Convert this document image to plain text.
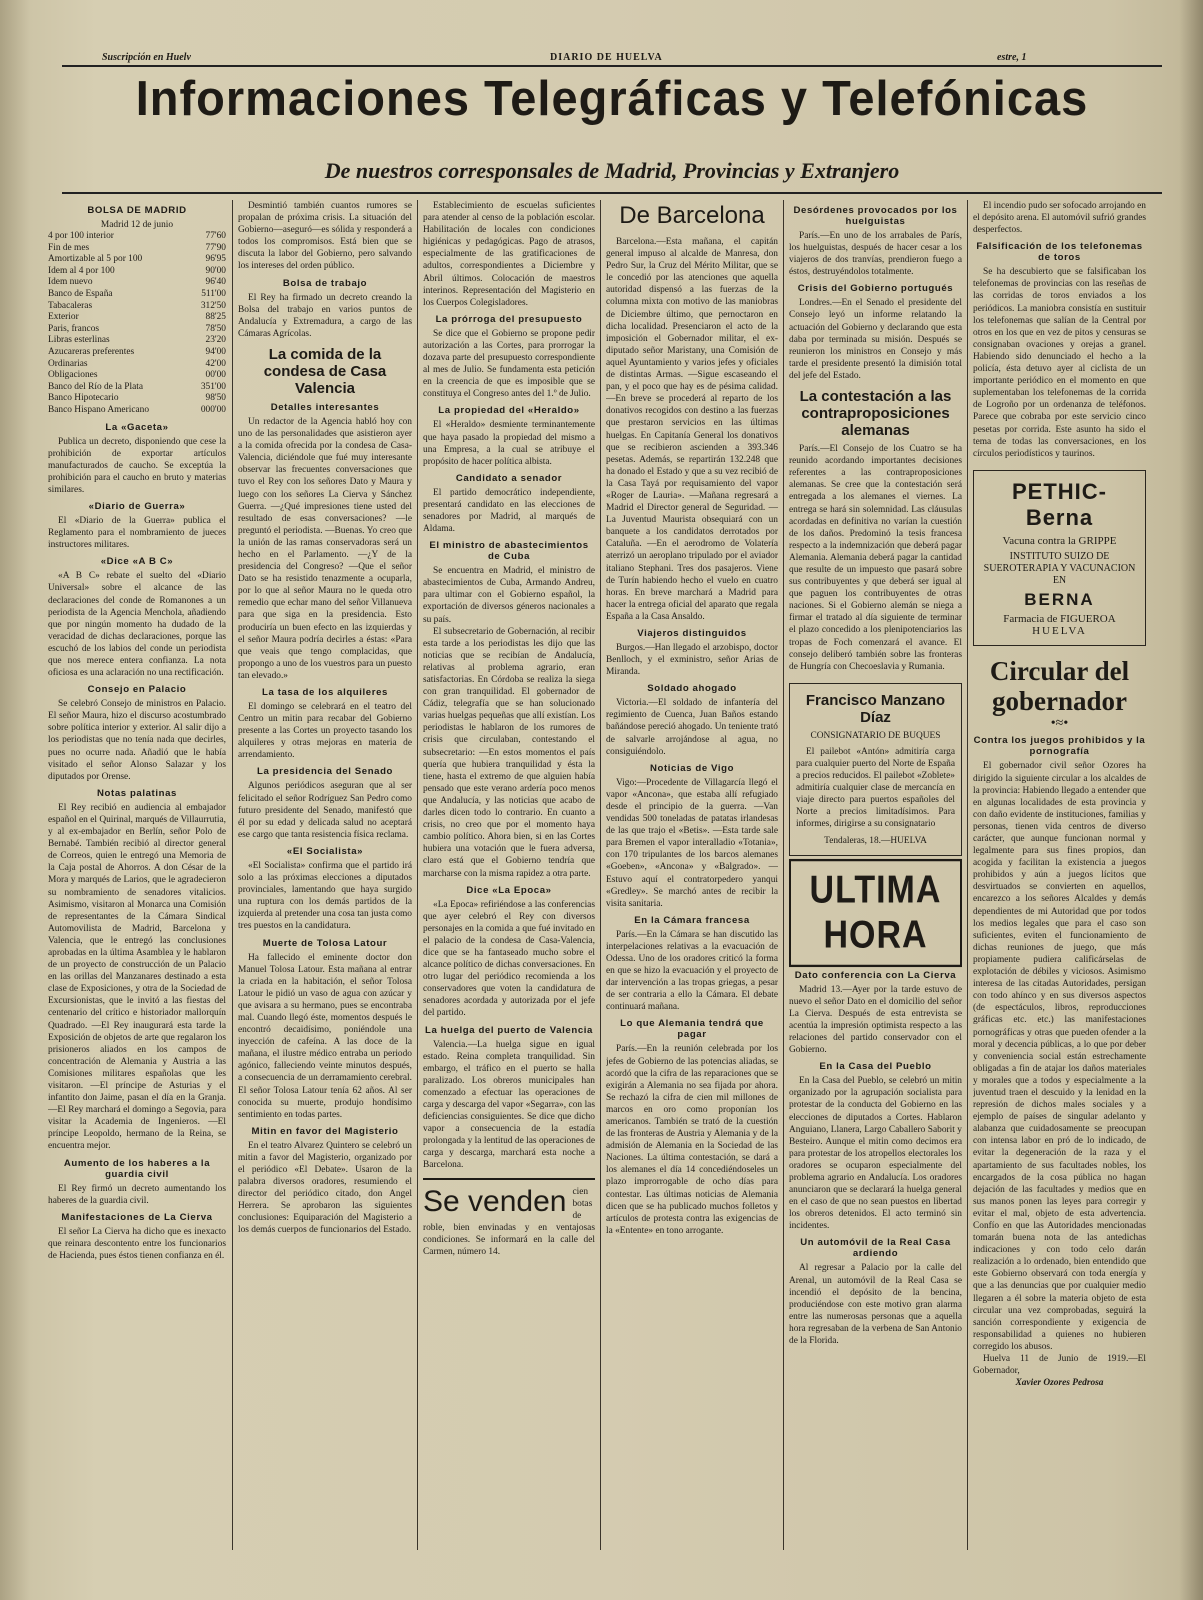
Suscripción en Huelv	DIARIO DE HUELVA	estre, 1
Informaciones Telegráficas y Telefónicas
De nuestros corresponsales de Madrid, Provincias y Extranjero
BOLSA DE MADRID
Madrid 12 de junio
4 por 100 interior	77'60
Fin de mes	77'90
Amortizable al 5 por 100	96'95
Idem al 4 por 100	90'00
Idem nuevo	96'40
Banco de España	511'00
Tabacaleras	312'50
Exterior	88'25
Paris, francos	78'50
Libras esterlinas	23'20
Azucareras preferentes	94'00
Ordinarias	42'00
Obligaciones	00'00
Banco del Río de la Plata	351'00
Banco Hipotecario	98'50
Banco Hispano Americano	000'00
La «Gaceta»

Publica un decreto, disponiendo que cese la prohibición de exportar artículos manufacturados de caucho. Se exceptúa la prohibición para el caucho en bruto y materias similares.

«Diario de Guerra»

El «Diario de la Guerra» publica el Reglamento para el nombramiento de jueces instructores militares.

«Dice «A B C»

«A B C» rebate el suelto del «Diario Universal» sobre el alcance de las declaraciones del conde de Romanones a un periodista de la Agencia Menchola, añadiendo que por ningún momento ha dudado de la veracidad de dichas declaraciones, porque las escuchó de los labios del conde un periodista que nos merece entera confianza. La nota oficiosa es una aclaración no una rectificación.

Consejo en Palacio

Se celebró Consejo de ministros en Palacio. El señor Maura, hizo el discurso acostumbrado sobre política interior y exterior. Al salir dijo a los periodistas que no tenía nada que decirles, pues no ocurre nada. Añadió que le había visitado el señor Alonso Salazar y los diputados por Orense.

Notas palatinas

El Rey recibió en audiencia al embajador español en el Quirinal, marqués de Villaurrutia, y al ex-embajador en Berlín, señor Polo de Bernabé. También recibió al director general de Correos, quien le entregó una Memoria de la Caja postal de Ahorros. A don César de la Mora y marqués de Larios, que le agradecieron su nombramiento de senadores vitalicios. Asimismo, visitaron al Monarca una Comisión de representantes de la Cámara Sindical Automovilista de Madrid, Barcelona y Valencia, que le entregó las conclusiones aprobadas en la última Asamblea y le hablaron de un proyecto de construcción de un Palacio en las orillas del Manzanares destinado a esta clase de Exposiciones, y otra de la Sociedad de Excursionistas, que le invitó a las fiestas del centenario del crítico e historiador mallorquín Quadrado. —El Rey inaugurará esta tarde la Exposición de objetos de arte que regalaron los prisioneros aliados en los campos de concentración de Alemania y Austria a las Comisiones militares españolas que les visitaron. —El príncipe de Asturias y el infantito don Jaime, pasan el día en la Granja. —El Rey marchará el domingo a Segovia, para visitar la Academia de Ingenieros. —El príncipe Leopoldo, hermano de la Reina, se encuentra mejor.

Aumento de los haberes a la guardia civil

El Rey firmó un decreto aumentando los haberes de la guardia civil.

Manifestaciones de La Cierva

El señor La Cierva ha dicho que es inexacto que reinara descontento entre los funcionarios de Hacienda, pues éstos tienen confianza en él.

Desmintió también cuantos rumores se propalan de próxima crisis. La situación del Gobierno—aseguró—es sólida y responderá a todos los compromisos. Está bien que se discuta la labor del Gobierno, pero salvando los intereses del orden público.

Bolsa de trabajo

El Rey ha firmado un decreto creando la Bolsa del trabajo en varios puntos de Andalucía y Extremadura, a cargo de las Cámaras Agrícolas.

La comida de la condesa de Casa Valencia
Detalles interesantes

Un redactor de la Agencia habló hoy con uno de las personalidades que asistieron ayer a la comida ofrecida por la condesa de Casa-Valencia, diciéndole que fué muy interesante observar las frecuentes conversaciones que tuvo el Rey con los señores Dato y Maura y luego con los señores La Cierva y Sánchez Guerra. —¿Qué impresiones tiene usted del resultado de esas conversaciones? —le preguntó el periodista. —Buenas. Yo creo que la unión de las ramas conservadoras será un hecho en el Parlamento. —¿Y de la presidencia del Congreso? —Que el señor Dato se ha resistido tenazmente a ocuparla, por lo que al señor Maura no le queda otro remedio que echar mano del señor Villanueva para que siga en la presidencia. Esto produciría un buen efecto en las izquierdas y el señor Maura podría decirles a éstas: «Para que veais que tengo complacidas, que propongo a uno de los vuestros para un puesto tan elevado.»

La tasa de los alquileres

El domingo se celebrará en el teatro del Centro un mitin para recabar del Gobierno presente a las Cortes un proyecto tasando los alquileres y otras mejoras en materia de arrendamiento.

La presidencia del Senado

Algunos periódicos aseguran que al ser felicitado el señor Rodríguez San Pedro como futuro presidente del Senado, manifestó que él por su edad y delicada salud no aceptará ese cargo que tanta resistencia física reclama.

«El Socialista»

«El Socialista» confirma que el partido irá solo a las próximas elecciones a diputados provinciales, lamentando que haya surgido una ruptura con los demás partidos de la izquierda al pretender una cosa tan justa como tres puestos en la candidatura.

Muerte de Tolosa Latour

Ha fallecido el eminente doctor don Manuel Tolosa Latour. Esta mañana al entrar la criada en la habitación, el señor Tolosa Latour le pidió un vaso de agua con azúcar y que avisara a su hermano, pues se encontraba mal. Cuando llegó éste, momentos después le encontró decaidísimo, poniéndole una inyección de cafeína. A las doce de la mañana, el ilustre médico entraba un periodo agónico, falleciendo veinte minutos después, a consecuencia de un derramamiento cerebral. El señor Tolosa Latour tenía 62 años. Al ser conocida su muerte, produjo hondísimo sentimiento en todas partes.

Mitin en favor del Magisterio

En el teatro Alvarez Quintero se celebró un mitin a favor del Magisterio, organizado por el periódico «El Debate». Usaron de la palabra diversos oradores, resumiendo el director del periódico citado, don Angel Herrera. Se aprobaron las siguientes conclusiones: Equiparación del Magisterio a los demás cuerpos de funcionarios del Estado.

Establecimiento de escuelas suficientes para atender al censo de la población escolar. Habilitación de locales con condiciones higiénicas y pedagógicas. Pago de atrasos, especialmente de las gratificaciones de adultos, correspondientes a Diciembre y Abril últimos. Colocación de maestros interinos. Representación del Magisterio en los Cuerpos Colegisladores.

La prórroga del presupuesto

Se dice que el Gobierno se propone pedir autorización a las Cortes, para prorrogar la dozava parte del presupuesto correspondiente al mes de Julio. Se fundamenta esta petición en la creencia de que es imposible que se constituya el Congreso antes del 1.º de Julio.

La propiedad del «Heraldo»

El «Heraldo» desmiente terminantemente que haya pasado la propiedad del mismo a una Empresa, a la cual se atribuye el propósito de hacer política albista.

Candidato a senador

El partido democrático independiente, presentará candidato en las elecciones de senadores por Madrid, al marqués de Aldama.

El ministro de abastecimientos de Cuba

Se encuentra en Madrid, el ministro de abastecimientos de Cuba, Armando Andreu, para ultimar con el Gobierno español, la exportación de diversos géneros nacionales a su país.

El subsecretario de Gobernación, al recibir esta tarde a los periodistas les dijo que las noticias que se recibían de Andalucía, relativas al problema agrario, eran satisfactorias. En Córdoba se realiza la siega con gran tranquilidad. El gobernador de Cádiz, telegrafía que se han solucionado varias huelgas pequeñas que allí existían. Los periodistas le hablaron de los rumores de crisis que circulaban, contestando el subsecretario: —En estos momentos el país quería que hubiera tranquilidad y ésta la tiene, hasta el extremo de que alguien había pensado que este verano ardería poco menos que Andalucía, y las noticias que acabo de darles dicen todo lo contrario. En cuanto a crisis, no creo que por el momento haya cambio político. Ahora bien, si en las Cortes hubiera una votación que le fuera adversa, claro está que el Gobierno tendría que marcharse con la misma rapidez a otra parte.

Dice «La Epoca»

«La Epoca» refiriéndose a las conferencias que ayer celebró el Rey con diversos personajes en la comida a que fué invitado en el palacio de la condesa de Casa-Valencia, dice que se ha fantaseado mucho sobre el alcance político de dichas conversaciones. En otro lugar del periódico recomienda a los conservadores que voten la candidatura de senadores acordada y autorizada por el jefe del partido.

La huelga del puerto de Valencia

Valencia.—La huelga sigue en igual estado. Reina completa tranquilidad. Sin embargo, el tráfico en el puerto se halla paralizado. Los obreros municipales han comenzado a efectuar las operaciones de carga y descarga del vapor «Segarra», con las deficiencias consiguientes. Se dice que dicho vapor a consecuencia de la estadía prolongada y la lentitud de las operaciones de carga y descarga, marchará esta noche a Barcelona.

Se venden cien botas de roble, bien envinadas y en ventajosas condiciones. Se informará en la calle del Carmen, número 14.
De Barcelona

Barcelona.—Esta mañana, el capitán general impuso al alcalde de Manresa, don Pedro Sur, la Cruz del Mérito Militar, que se le concedió por las atenciones que aquella autoridad dispensó a las fuerzas de la columna mixta con motivo de las maniobras de Diciembre último, que pernoctaron en dicha localidad. Presenciaron el acto de la imposición el Gobernador militar, el ex-diputado señor Maristany, una Comisión de aquel Ayuntamiento y varios jefes y oficiales de distintas Armas. —Sigue escaseando el pan, y el poco que hay es de pésima calidad. —En breve se procederá al reparto de los donativos recogidos con destino a las fuerzas que prestaron servicios en las últimas huelgas. En Capitanía General los donativos que se recibieron ascienden a 393.346 pesetas. Además, se repartirán 132.248 que ha donado el Estado y que a su vez recibió de la Casa Tayá por requisamiento del vapor «Roger de Lauria». —Mañana regresará a Madrid el Director general de Seguridad. —La Juventud Maurista obsequiará con un banquete a los candidatos derrotados por Cataluña. —En el aerodromo de Volatería aterrizó un aeroplano tripulado por el aviador italiano Stephani. Tres dos pasajeros. Viene de Turín habiendo hecho el vuelo en cuatro horas. En breve marchará a Madrid para hacer la entrega oficial del aparato que regala España a la Casa Ansaldo.

Viajeros distinguidos

Burgos.—Han llegado el arzobispo, doctor Benlloch, y el exministro, señor Arias de Miranda.

Soldado ahogado

Victoria.—El soldado de infantería del regimiento de Cuenca, Juan Baños estando bañándose pereció ahogado. Un teniente trató de salvarle arrojándose al agua, no consiguiéndolo.

Noticias de Vigo

Vigo:—Procedente de Villagarcía llegó el vapor «Ancona», que estaba allí refugiado desde el principio de la guerra. —Van vendidas 500 toneladas de patatas irlandesas de las que trajo el «Betis». —Esta tarde sale para Bremen el vapor interalladio «Totania», con 170 tripulantes de los barcos alemanes «Goeben», «Ancona» y «Balgrado». —Estuvo aquí el contratorpedero yanqui «Gredley». Se marchó antes de recibir la visita sanitaria.

En la Cámara francesa

París.—En la Cámara se han discutido las interpelaciones relativas a la evacuación de Odessa. Uno de los oradores criticó la forma en que se hizo la evacuación y el proyecto de dar intervención a las tropas griegas, a pesar de ser contraria a ello la Cámara. El debate continuará mañana.

Lo que Alemania tendrá que pagar

París.—En la reunión celebrada por los jefes de Gobierno de las potencias aliadas, se acordó que la cifra de las reparaciones que se exigirán a Alemania no sea fijada por ahora. Se rechazó la cifra de cien mil millones de marcos en oro como proponían los americanos. También se trató de la cuestión de las fronteras de Austria y Alemania y de la admisión de Alemania en la Sociedad de las Naciones. La última contestación, se dará a los alemanes el día 14 concediéndoseles un plazo improrrogable de ocho días para contestar. Las últimas noticias de Alemania dicen que se ha publicado muchos folletos y artículos de protesta contra las exigencias de la «Entente» en tono arrogante.

Desórdenes provocados por los huelguistas

París.—En uno de los arrabales de París, los huelguistas, después de hacer cesar a los viajeros de dos tranvías, prendieron fuego a éstos, destruyéndolos totalmente.

Crisis del Gobierno portugués

Londres.—En el Senado el presidente del Consejo leyó un informe relatando la actuación del Gobierno y declarando que esta daba por terminada su misión. Después se reunieron los ministros en Consejo y más tarde el presidente presentó la dimisión total del jefe del Estado.

La contestación a las contraproposiciones alemanas

París.—El Consejo de los Cuatro se ha reunido acordando importantes decisiones referentes a las contraproposiciones alemanas. Se cree que la contestación será entregada a los alemanes el viernes. La entrega se hará sin solemnidad. Las cláusulas acordadas en definitiva no varían la cuestión de los daños. Predominó la tesis francesa respecto a la indemnización que deberá pagar Alemania. Alemania deberá pagar la cantidad que resulte de un impuesto que pasará sobre sus contribuyentes y que deberá ser igual al que paguen los contribuyentes de otras naciones. Si el Gobierno alemán se niega a firmar el tratado al día siguiente de terminar el plazo concedido a los plenipotenciarios las tropas de Foch comenzará el avance. El consejo deliberó también sobre las fronteras de Hungría con Checoeslavia y Rumania.

Francisco Manzano Díaz
CONSIGNATARIO DE BUQUES

El pailebot «Antón» admitiría carga para cualquier puerto del Norte de España a precios reducidos. El pailebot «Zoblete» admitiría cualquier clase de mercancía en viaje directo para puertos españoles del Norte a precios limitadísimos. Para informes, dirigirse a su consignatario

Tendaleras, 18.—HUELVA
ULTIMA HORA
Dato conferencia con La Cierva

Madrid 13.—Ayer por la tarde estuvo de nuevo el señor Dato en el domicilio del señor La Cierva. Después de esta entrevista se acentúa la impresión optimista respecto a las relaciones del partido conservador con el Gobierno.

En la Casa del Pueblo

En la Casa del Pueblo, se celebró un mitin organizado por la agrupación socialista para protestar de la conducta del Gobierno en las elecciones de diputados a Cortes. Hablaron Anguiano, Llanera, Largo Caballero Saborit y Besteiro. Aunque el mitin como decimos era para protestar de los atropellos electorales los oradores se ocuparon especialmente del problema agrario en Andalucía. Los oradores anunciaron que se declarará la huelga general en el caso de que no sean puestos en libertad los obreros detenidos. El acto terminó sin incidentes.

Un automóvil de la Real Casa ardiendo

Al regresar a Palacio por la calle del Arenal, un automóvil de la Real Casa se incendió el depósito de la bencina, produciéndose con este motivo gran alarma entre las numerosas personas que a aquella hora regresaban de la verbena de San Antonio de la Florida.

El incendio pudo ser sofocado arrojando en el depósito arena. El automóvil sufrió grandes desperfectos.

Falsificación de los telefonemas de toros

Se ha descubierto que se falsificaban los telefonemas de provincias con las reseñas de las corridas de toros enviados a los periódicos. La maniobra consistía en sustituir los telefonemas que salían de la Central por otros en los que en vez de pitos y censuras se consignaban ovaciones y orejas a granel. Habiendo sido denunciado el hecho a la policía, ésta detuvo ayer al ciclista de un importante periódico en el momento en que suplementaban los telefonemas de la corrida de Logroño por un ordenanza de teléfonos. Parece que cobraba por este servicio cinco pesetas por corrida. Este asunto ha sido el tema de todas las conversaciones, en los círculos periodísticos y taurinos.

PETHIC-Berna
Vacuna contra la GRIPPE
INSTITUTO SUIZO DE SUEROTERAPIA Y VACUNACION EN
BERNA
Farmacia de FIGUEROA
HUELVA
Circular del gobernador
•≈•
Contra los juegos prohibidos y la pornografía

El gobernador civil señor Ozores ha dirigido la siguiente circular a los alcaldes de la provincia: Habiendo llegado a entender que en algunas localidades de esta provincia y con daño evidente de instituciones, familias y personas, tienen vida centros de diverso carácter, que aunque funcionan normal y legalmente para sus fines propios, dan acogida y facilitan la existencia a juegos prohibidos y aún a juegos lícitos que desvirtuados se convierten en aquellos, encarezco a los señores Alcaldes y demás dependientes de mi Autoridad que por todos los medios legales que para el caso son suficientes, eviten el funcionamiento de dichas reuniones de juego, que más propiamente pudiera calificárselas de explotación de débiles y viciosos. Asimismo interesa de las citadas Autoridades, persigan con todo ahínco y en sus diversos aspectos (de espectáculos, libros, reproducciones gráficas etc. etc.) las manifestaciones pornográficas y otras que pueden ofender a la moral y decencia públicas, a lo que por deber y conveniencia social están estrechamente obligadas a fin de atajar los daños materiales y morales que a todos y especialmente a la juventud traen el descuido y la lenidad en la represión de dichos males sociales y a ejemplo de países de singular adelanto y alabanza que cuidadosamente se preocupan con intensa labor en pró de lo indicado, de evitar la degeneración de la raza y el apartamiento de sus facultades nobles, los encargados de la cosa pública no hagan dejación de las facultades y medios que en sus manos ponen las leyes para corregir y evitar el mal, objeto de esta advertencia. Confío en que las Autoridades mencionadas tomarán buena nota de las antedichas indicaciones y con todo celo darán realización a lo ordenado, bien entendido que este Gobierno observará con toda energía y que a las denuncias que por cualquier medio llegaren a él sobre la materia objeto de esta circular una vez comprobadas, seguirá la sanción correspondiente y exigencia de responsabilidad a quienes no hubieren corregido los abusos.

Huelva 11 de Junio de 1919.—El Gobernador,

Xavier Ozores Pedrosa
